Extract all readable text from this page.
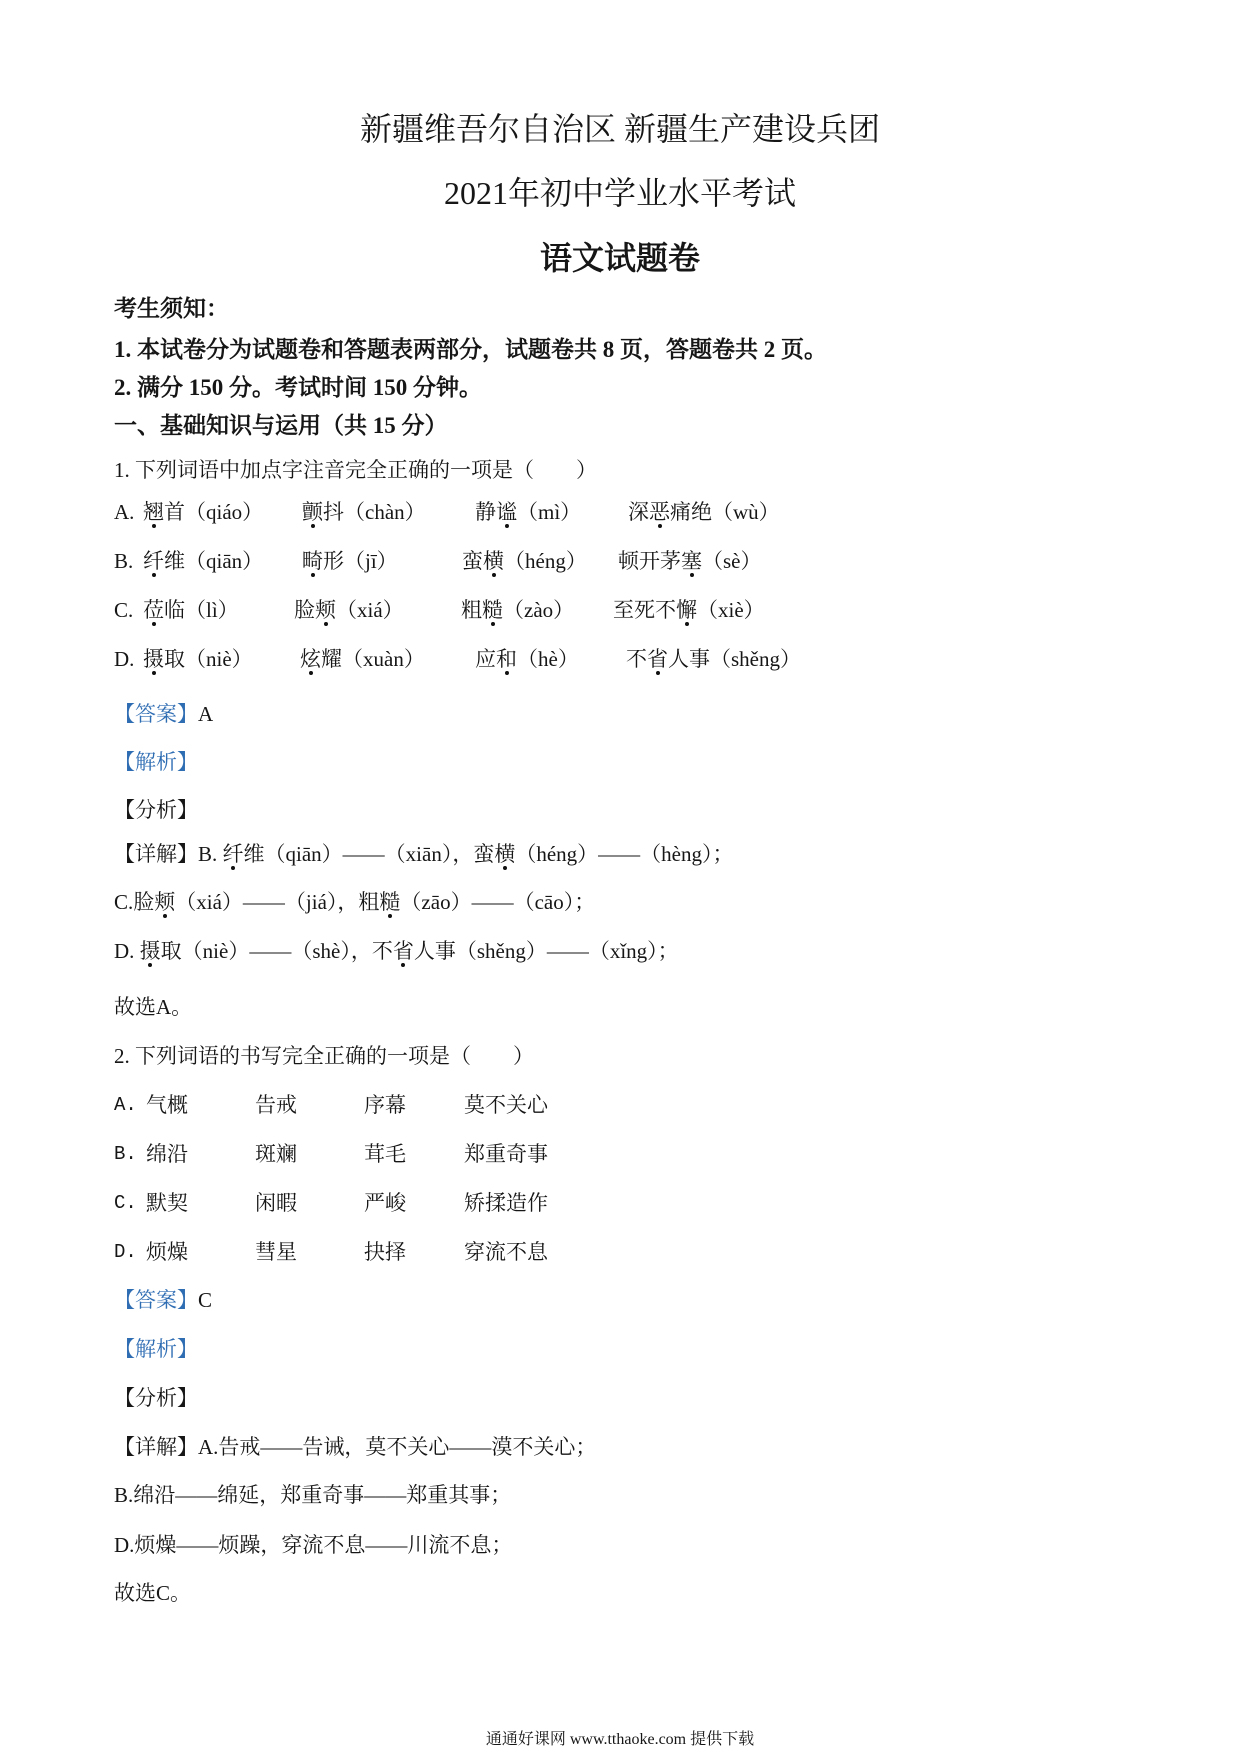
新疆维吾尔自治区 新疆生产建设兵团
2021年初中学业水平考试
语文试题卷
考生须知：
1. 本试卷分为试题卷和答题表两部分，试题卷共 8 页，答题卷共 2 页。
2. 满分 150 分。考试时间 150 分钟。
一、基础知识与运用（共 15 分）
1. 下列词语中加点字注音完全正确的一项是（　　）
A. 翘首（qiáo） 颤抖（chàn） 静谧（mì） 深恶痛绝（wù）
B. 纤维（qiān） 畸形（jī）	蛮横（héng） 顿开茅塞（sè）
C. 莅临（lì）	脸颊（xiá）	粗糙（zào） 至死不懈（xiè）
D. 摄取（niè） 炫耀（xuàn） 应和（hè） 不省人事（shěng）
【答案】A
【解析】
【分析】
【详解】B. 纤维（qiān）——（xiān），蛮横（héng）——（hèng）；
C.脸颊（xiá）——（jiá），粗糙（zāo）——（cāo）；
D. 摄取（niè）——（shè），不省人事（shěng）——（xǐng）；
故选A。
2. 下列词语的书写完全正确的一项是（　　）
A. 气概	告戒	序幕	莫不关心
B. 绵沿	斑斓	茸毛	郑重奇事
C. 默契	闲暇	严峻	矫揉造作
D. 烦燥	彗星	抉择	穿流不息
【答案】C
【解析】
【分析】
【详解】A.告戒——告诫，莫不关心——漠不关心；
B.绵沿——绵延，郑重奇事——郑重其事；
D.烦燥——烦躁，穿流不息——川流不息；
故选C。
通通好课网 www.tthaoke.com 提供下载
